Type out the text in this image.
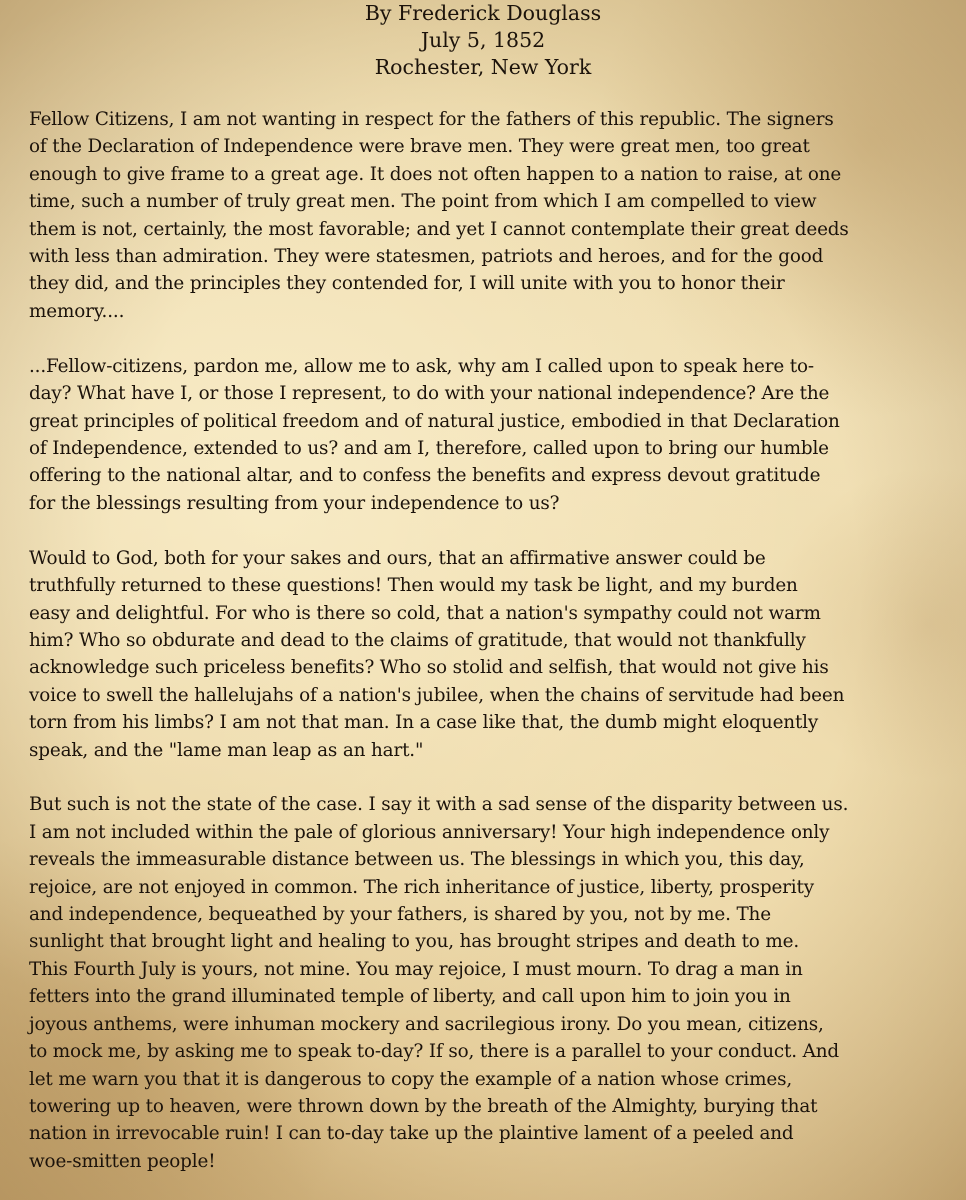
By Frederick Douglass
July 5, 1852
Rochester, New York
Fellow Citizens, I am not wanting in respect for the fathers of this republic. The signers
of the Declaration of Independence were brave men. They were great men, too great
enough to give frame to a great age. It does not often happen to a nation to raise, at one
time, such a number of truly great men. The point from which I am compelled to view
them is not, certainly, the most favorable; and yet I cannot contemplate their great deeds
with less than admiration. They were statesmen, patriots and heroes, and for the good
they did, and the principles they contended for, I will unite with you to honor their
memory....
...Fellow-citizens, pardon me, allow me to ask, why am I called upon to speak here to-
day? What have I, or those I represent, to do with your national independence? Are the
great principles of political freedom and of natural justice, embodied in that Declaration
of Independence, extended to us? and am I, therefore, called upon to bring our humble
offering to the national altar, and to confess the benefits and express devout gratitude
for the blessings resulting from your independence to us?
Would to God, both for your sakes and ours, that an affirmative answer could be
truthfully returned to these questions! Then would my task be light, and my burden
easy and delightful. For who is there so cold, that a nation's sympathy could not warm
him? Who so obdurate and dead to the claims of gratitude, that would not thankfully
acknowledge such priceless benefits? Who so stolid and selfish, that would not give his
voice to swell the hallelujahs of a nation's jubilee, when the chains of servitude had been
torn from his limbs? I am not that man. In a case like that, the dumb might eloquently
speak, and the "lame man leap as an hart."
But such is not the state of the case. I say it with a sad sense of the disparity between us.
I am not included within the pale of glorious anniversary! Your high independence only
reveals the immeasurable distance between us. The blessings in which you, this day,
rejoice, are not enjoyed in common. The rich inheritance of justice, liberty, prosperity
and independence, bequeathed by your fathers, is shared by you, not by me. The
sunlight that brought light and healing to you, has brought stripes and death to me.
This Fourth July is yours, not mine. You may rejoice, I must mourn. To drag a man in
fetters into the grand illuminated temple of liberty, and call upon him to join you in
joyous anthems, were inhuman mockery and sacrilegious irony. Do you mean, citizens,
to mock me, by asking me to speak to-day? If so, there is a parallel to your conduct. And
let me warn you that it is dangerous to copy the example of a nation whose crimes,
towering up to heaven, were thrown down by the breath of the Almighty, burying that
nation in irrevocable ruin! I can to-day take up the plaintive lament of a peeled and
woe-smitten people!
